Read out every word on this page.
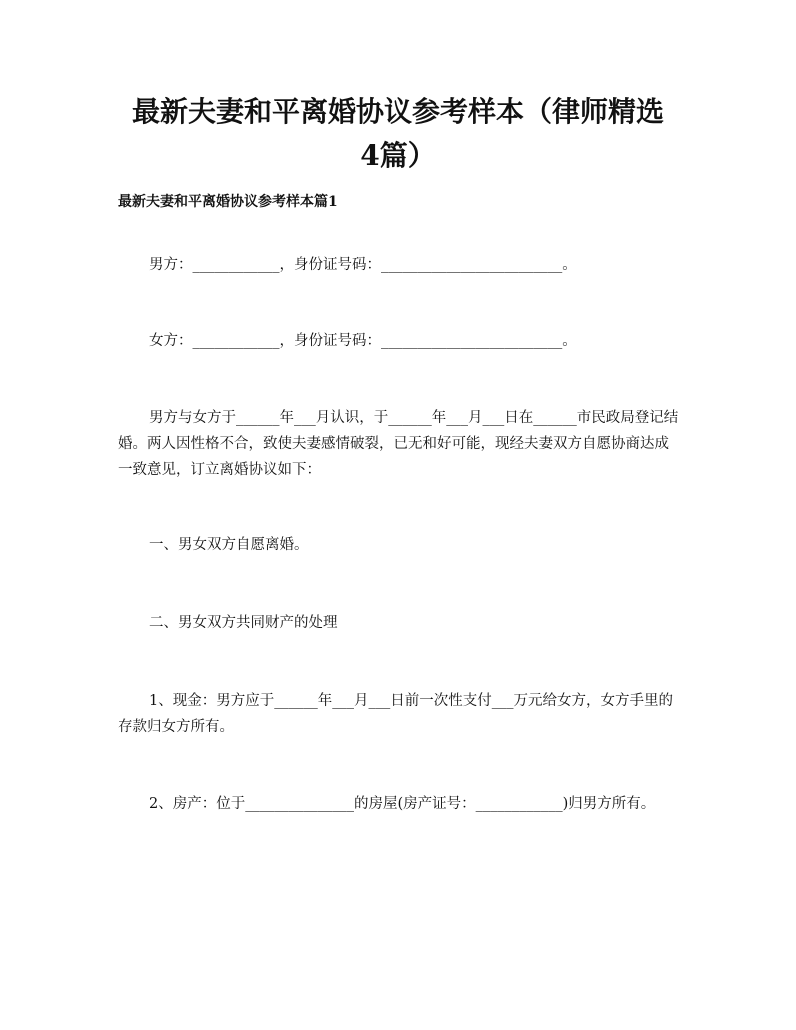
最新夫妻和平离婚协议参考样本（律师精选
4篇）
最新夫妻和平离婚协议参考样本篇1

男方：____________，身份证号码：_________________________。

女方：____________，身份证号码：_________________________。

男方与女方于______年___月认识，于______年___月___日在______市民政局登记结婚。两人因性格不合，致使夫妻感情破裂，已无和好可能，现经夫妻双方自愿协商达成一致意见，订立离婚协议如下：

一、男女双方自愿离婚。

二、男女双方共同财产的处理

1、现金：男方应于______年___月___日前一次性支付___万元给女方，女方手里的存款归女方所有。

2、房产：位于_______________的房屋(房产证号：____________)归男方所有。
